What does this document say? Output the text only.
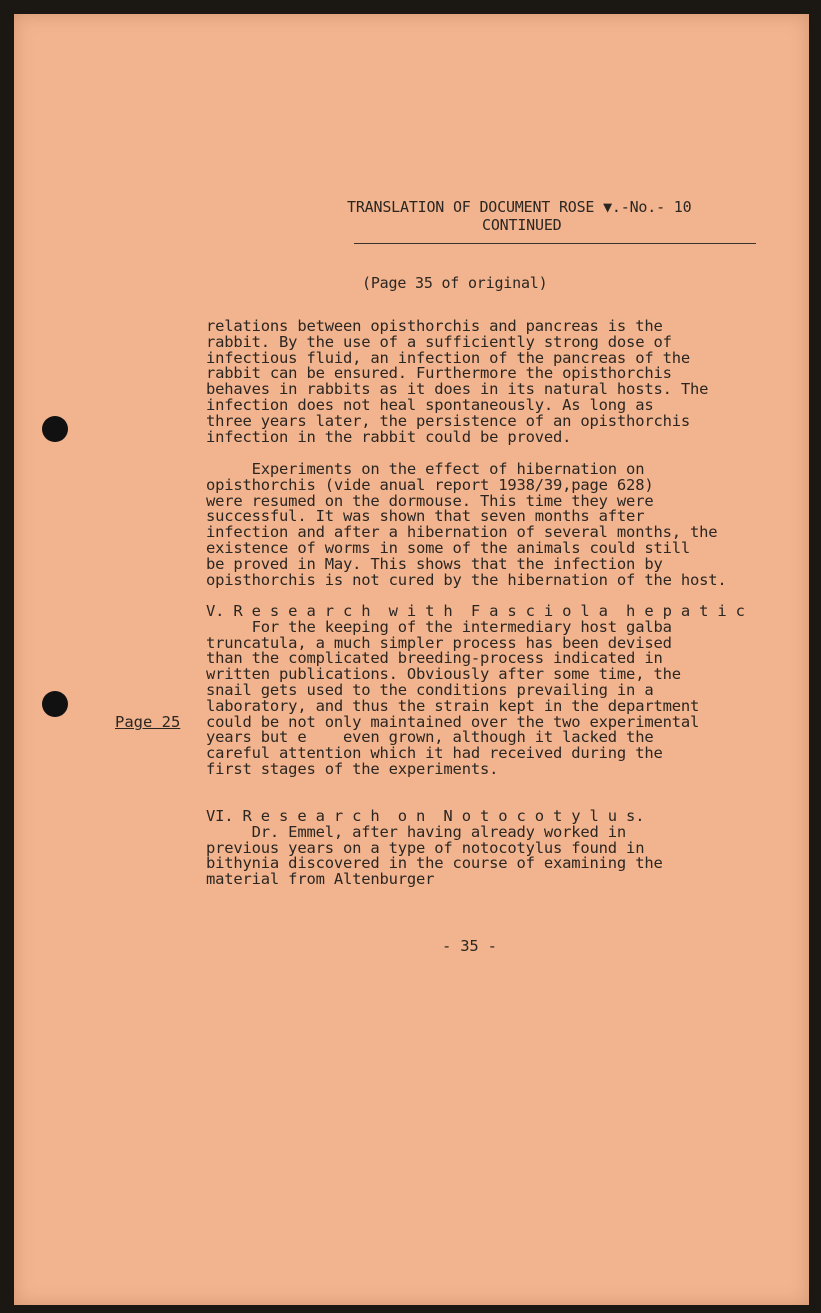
TRANSLATION OF DOCUMENT ROSE ▼.-No.- 10
CONTINUED
(Page 35 of original)
relations between opisthorchis and pancreas is the
rabbit. By the use of a sufficiently strong dose of
infectious fluid, an infection of the pancreas of the
rabbit can be ensured. Furthermore the opisthorchis
behaves in rabbits as it does in its natural hosts. The
infection does not heal spontaneously. As long as
three years later, the persistence of an opisthorchis
infection in the rabbit could be proved.
Experiments on the effect of hibernation on
opisthorchis (vide anual report 1938/39,page 628)
were resumed on the dormouse. This time they were
successful. It was shown that seven months after
infection and after a hibernation of several months, the
existence of worms in some of the animals could still
be proved in May. This shows that the infection by
opisthorchis is not cured by the hibernation of the host.
V. R e s e a r c h  w i t h  F a s c i o l a  h e p a t i c
For the keeping of the intermediary host galba
truncatula, a much simpler process has been devised
than the complicated breeding-process indicated in
written publications. Obviously after some time, the
snail gets used to the conditions prevailing in a
laboratory, and thus the strain kept in the department
could be not only maintained over the two experimental
years but e    even grown, although it lacked the
careful attention which it had received during the
first stages of the experiments.
VI. R e s e a r c h  o n  N o t o c o t y l u s.
Dr. Emmel, after having already worked in
previous years on a type of notocotylus found in
bithynia discovered in the course of examining the
material from Altenburger
Page 25
- 35 -
